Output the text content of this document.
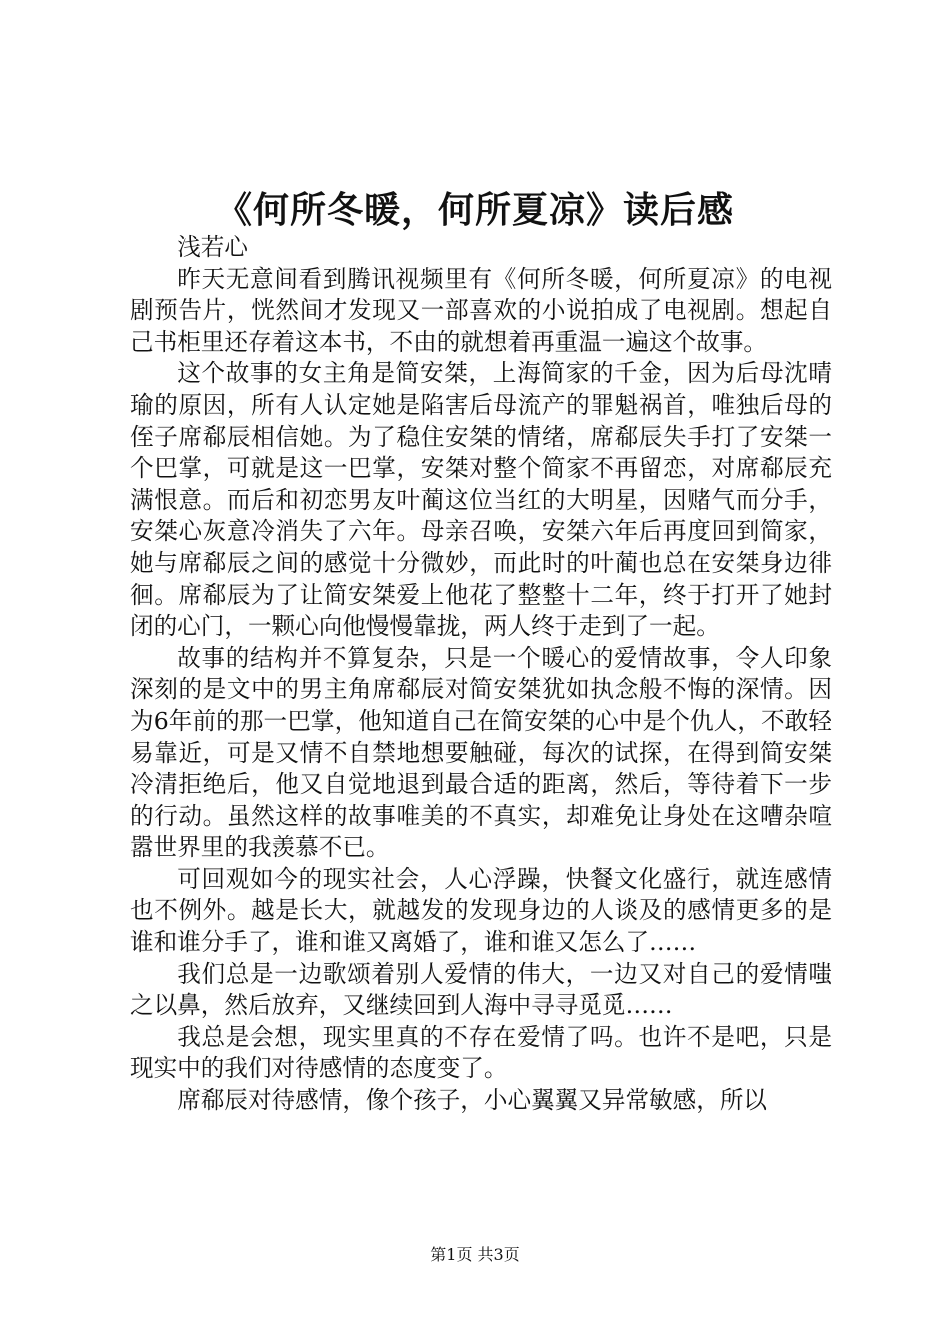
《何所冬暖，何所夏凉》读后感

浅若心

昨天无意间看到腾讯视频里有《何所冬暖，何所夏凉》的电视剧预告片，恍然间才发现又一部喜欢的小说拍成了电视剧。想起自己书柜里还存着这本书，不由的就想着再重温一遍这个故事。

这个故事的女主角是简安桀，上海简家的千金，因为后母沈晴瑜的原因，所有人认定她是陷害后母流产的罪魁祸首，唯独后母的侄子席郗辰相信她。为了稳住安桀的情绪，席郗辰失手打了安桀一个巴掌，可就是这一巴掌，安桀对整个简家不再留恋，对席郗辰充满恨意。而后和初恋男友叶蔺这位当红的大明星，因赌气而分手，安桀心灰意冷消失了六年。母亲召唤，安桀六年后再度回到简家，她与席郗辰之间的感觉十分微妙，而此时的叶蔺也总在安桀身边徘徊。席郗辰为了让简安桀爱上他花了整整十二年，终于打开了她封闭的心门，一颗心向他慢慢靠拢，两人终于走到了一起。

故事的结构并不算复杂，只是一个暖心的爱情故事，令人印象深刻的是文中的男主角席郗辰对简安桀犹如执念般不悔的深情。因为6年前的那一巴掌，他知道自己在简安桀的心中是个仇人，不敢轻易靠近，可是又情不自禁地想要触碰，每次的试探，在得到简安桀冷清拒绝后，他又自觉地退到最合适的距离，然后，等待着下一步的行动。虽然这样的故事唯美的不真实，却难免让身处在这嘈杂喧嚣世界里的我羡慕不已。

可回观如今的现实社会，人心浮躁，快餐文化盛行，就连感情也不例外。越是长大，就越发的发现身边的人谈及的感情更多的是谁和谁分手了，谁和谁又离婚了，谁和谁又怎么了……

我们总是一边歌颂着别人爱情的伟大，一边又对自己的爱情嗤之以鼻，然后放弃，又继续回到人海中寻寻觅觅……

我总是会想，现实里真的不存在爱情了吗。也许不是吧，只是现实中的我们对待感情的态度变了。

席郗辰对待感情，像个孩子，小心翼翼又异常敏感，所以

第1页 共3页
